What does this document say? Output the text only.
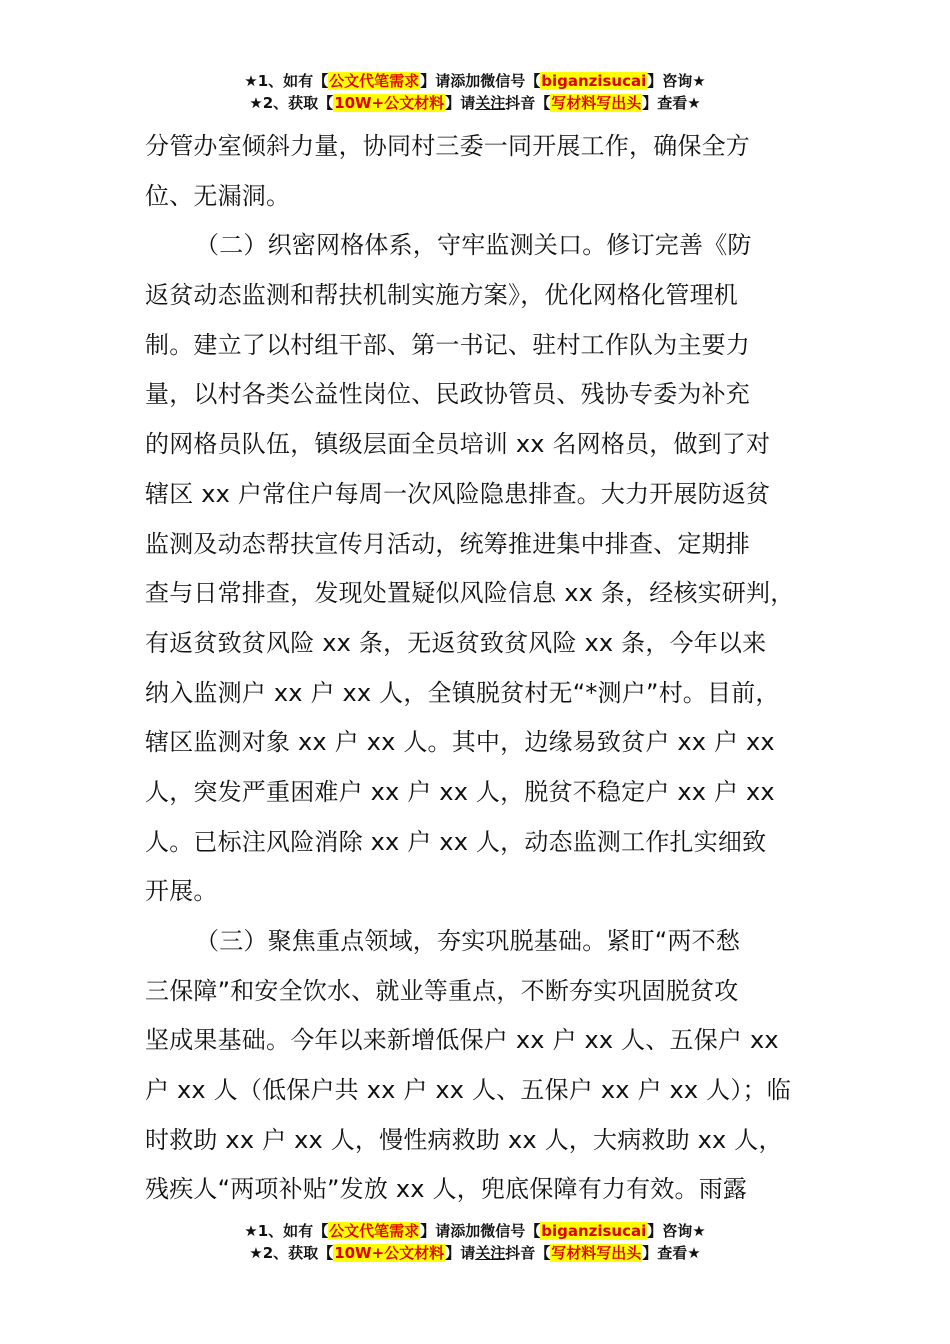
★1、如有【公文代笔需求】请添加微信号【biganzisucai】咨询★
★2、获取【10W+公文材料】请关注抖音【写材料写出头】查看★
分管办室倾斜力量，协同村三委一同开展工作，确保全方
位、无漏洞。
（二）织密网格体系，守牢监测关口。修订完善《防
返贫动态监测和帮扶机制实施方案》，优化网格化管理机
制。建立了以村组干部、第一书记、驻村工作队为主要力
量，以村各类公益性岗位、民政协管员、残协专委为补充
的网格员队伍，镇级层面全员培训 xx 名网格员，做到了对
辖区 xx 户常住户每周一次风险隐患排查。大力开展防返贫
监测及动态帮扶宣传月活动，统筹推进集中排查、定期排
查与日常排查，发现处置疑似风险信息 xx 条，经核实研判，
有返贫致贫风险 xx 条，无返贫致贫风险 xx 条，今年以来
纳入监测户 xx 户 xx 人，全镇脱贫村无“*测户”村。目前，
辖区监测对象 xx 户 xx 人。其中，边缘易致贫户 xx 户 xx
人，突发严重困难户 xx 户 xx 人，脱贫不稳定户 xx 户 xx
人。已标注风险消除 xx 户 xx 人，动态监测工作扎实细致
开展。
（三）聚焦重点领域，夯实巩脱基础。紧盯“两不愁
三保障”和安全饮水、就业等重点，不断夯实巩固脱贫攻
坚成果基础。今年以来新增低保户 xx 户 xx 人、五保户 xx
户 xx 人（低保户共 xx 户 xx 人、五保户 xx 户 xx 人）；临
时救助 xx 户 xx 人，慢性病救助 xx 人，大病救助 xx 人，
残疾人“两项补贴”发放 xx 人，兜底保障有力有效。雨露
★1、如有【公文代笔需求】请添加微信号【biganzisucai】咨询★
★2、获取【10W+公文材料】请关注抖音【写材料写出头】查看★
